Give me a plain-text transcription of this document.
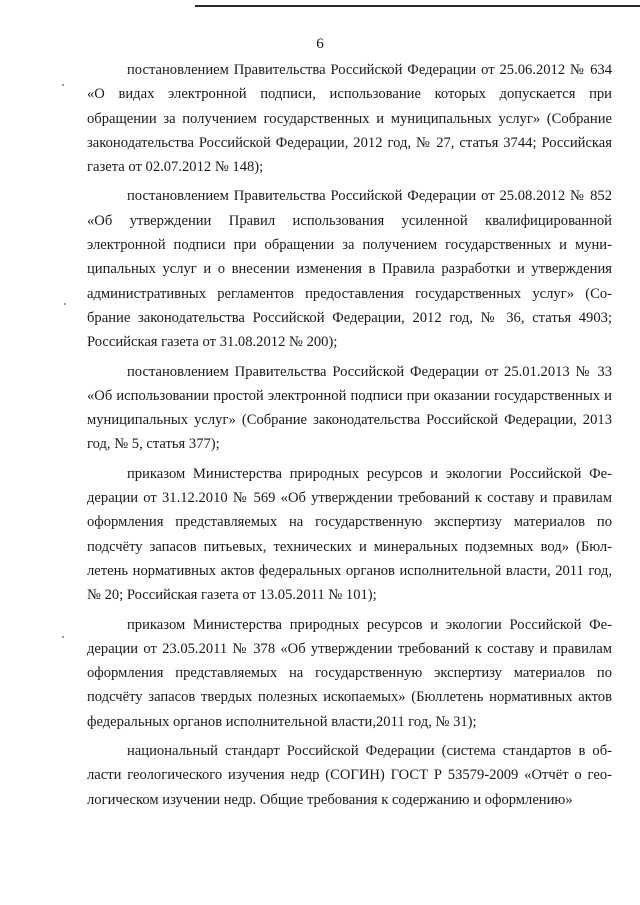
6

постановлением Правительства Российской Федерации от 25.06.2012 № 634 «О видах электронной подписи, использование которых допускается при обращении за получением государственных и муниципальных услуг» (Собрание законодательства Российской Федерации, 2012 год, № 27, статья 3744; Российская газета от 02.07.2012 № 148);

постановлением Правительства Российской Федерации от 25.08.2012 № 852 «Об утверждении Правил использования усиленной квалифицированной электронной подписи при обращении за получением государственных и муниципальных услуг и о внесении изменения в Правила разработки и утверждения административных регламентов предоставления государственных услуг» (Собрание законодательства Российской Федерации, 2012 год, № 36, статья 4903; Российская газета от 31.08.2012 № 200);

постановлением Правительства Российской Федерации от 25.01.2013 № 33 «Об использовании простой электронной подписи при оказании государственных и муниципальных услуг» (Собрание законодательства Российской Федерации, 2013 год, № 5, статья 377);

приказом Министерства природных ресурсов и экологии Российской Федерации от 31.12.2010 № 569 «Об утверждении требований к составу и правилам оформления представляемых на государственную экспертизу материалов по подсчёту запасов питьевых, технических и минеральных подземных вод» (Бюллетень нормативных актов федеральных органов исполнительной власти, 2011 год, № 20; Российская газета от 13.05.2011 № 101);

приказом Министерства природных ресурсов и экологии Российской Федерации от 23.05.2011 № 378 «Об утверждении требований к составу и правилам оформления представляемых на государственную экспертизу материалов по подсчёту запасов твердых полезных ископаемых» (Бюллетень нормативных актов федеральных органов исполнительной власти,2011 год, № 31);

национальный стандарт Российской Федерации (система стандартов в области геологического изучения недр (СОГИН) ГОСТ Р 53579-2009 «Отчёт о геологическом изучении недр. Общие требования к содержанию и оформлению»
